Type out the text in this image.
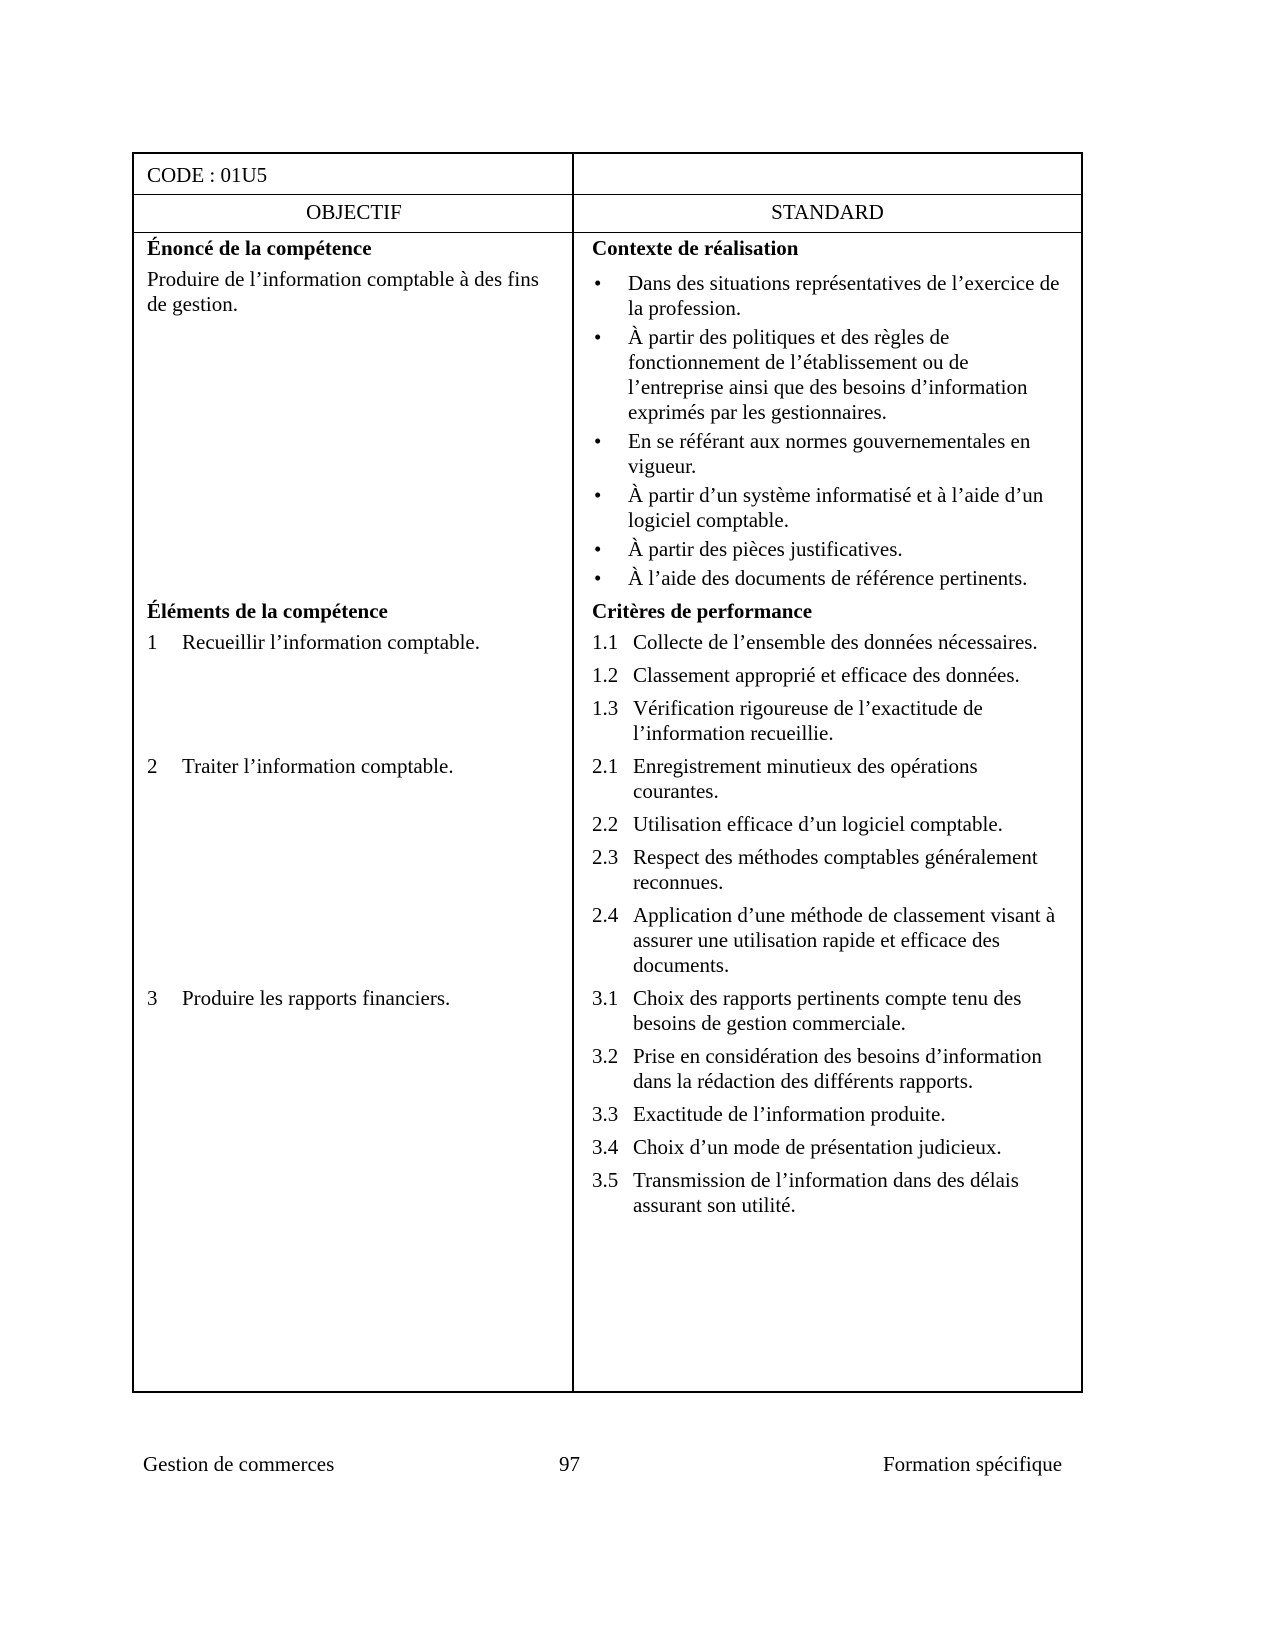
CODE : 01U5
OBJECTIF	STANDARD
Énoncé de la compétence
Produire de l’information comptable à des fins de gestion.
Contexte de réalisation
• Dans des situations représentatives de l’exercice de la profession.
• À partir des politiques et des règles de fonctionnement de l’établissement ou de l’entreprise ainsi que des besoins d’information exprimés par les gestionnaires.
• En se référant aux normes gouvernementales en vigueur.
• À partir d’un système informatisé et à l’aide d’un logiciel comptable.
• À partir des pièces justificatives.
• À l’aide des documents de référence pertinents.
Éléments de la compétence	Critères de performance
1	Recueillir l’information comptable.	1.1 Collecte de l’ensemble des données nécessaires.
1.2 Classement approprié et efficace des données.
1.3 Vérification rigoureuse de l’exactitude de l’information recueillie.
2	Traiter l’information comptable.	2.1 Enregistrement minutieux des opérations courantes.
2.2 Utilisation efficace d’un logiciel comptable.
2.3 Respect des méthodes comptables généralement reconnues.
2.4 Application d’une méthode de classement visant à assurer une utilisation rapide et efficace des documents.
3	Produire les rapports financiers.	3.1 Choix des rapports pertinents compte tenu des besoins de gestion commerciale.
3.2 Prise en considération des besoins d’information dans la rédaction des différents rapports.
3.3 Exactitude de l’information produite.
3.4 Choix d’un mode de présentation judicieux.
3.5 Transmission de l’information dans des délais assurant son utilité.
Gestion de commerces	97	Formation spécifique
